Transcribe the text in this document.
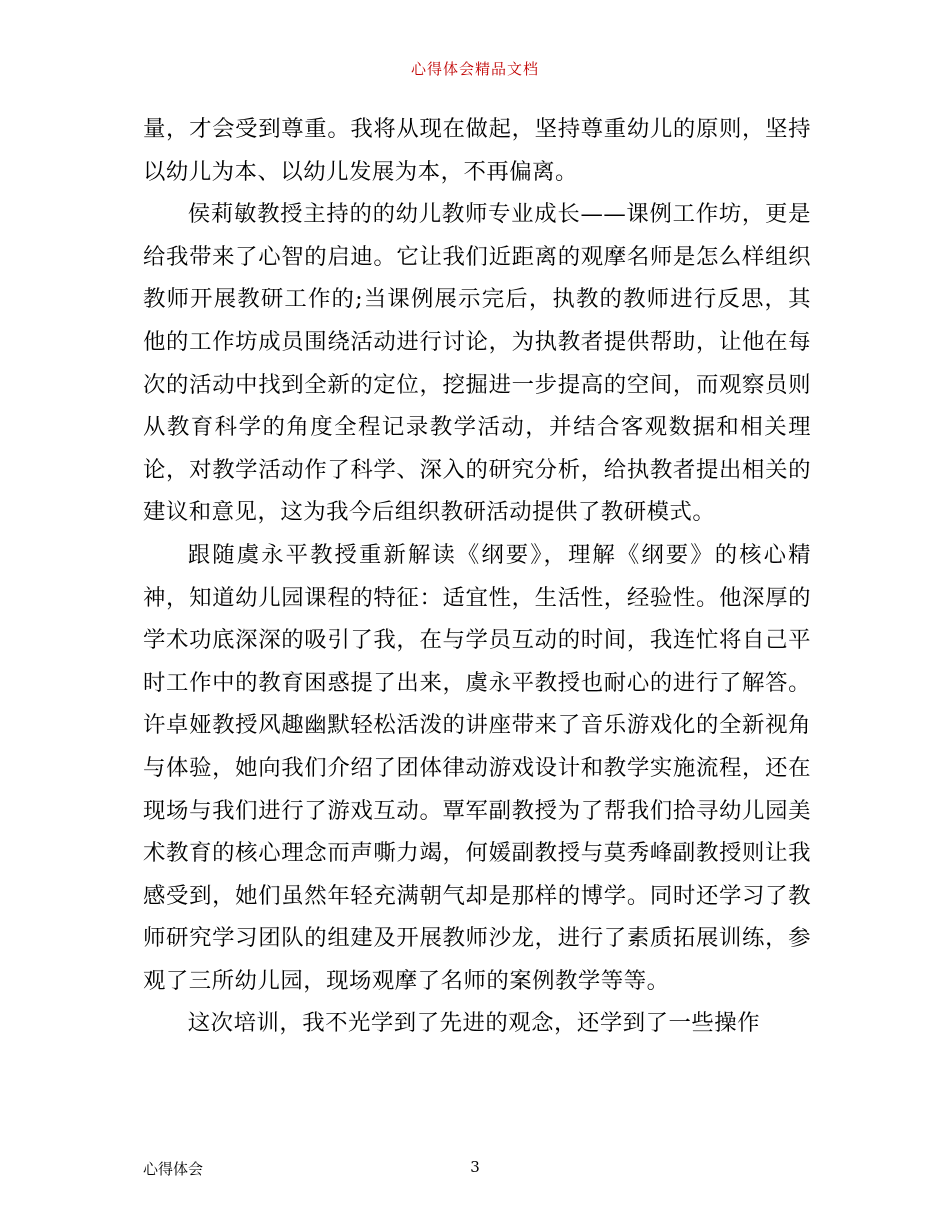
心得体会精品文档

量，才会受到尊重。我将从现在做起，坚持尊重幼儿的原则，坚持以幼儿为本、以幼儿发展为本，不再偏离。

侯莉敏教授主持的的幼儿教师专业成长——课例工作坊，更是给我带来了心智的启迪。它让我们近距离的观摩名师是怎么样组织教师开展教研工作的;当课例展示完后，执教的教师进行反思，其他的工作坊成员围绕活动进行讨论，为执教者提供帮助，让他在每次的活动中找到全新的定位，挖掘进一步提高的空间，而观察员则从教育科学的角度全程记录教学活动，并结合客观数据和相关理论，对教学活动作了科学、深入的研究分析，给执教者提出相关的建议和意见，这为我今后组织教研活动提供了教研模式。

跟随虞永平教授重新解读《纲要》，理解《纲要》的核心精神，知道幼儿园课程的特征：适宜性，生活性，经验性。他深厚的学术功底深深的吸引了我，在与学员互动的时间，我连忙将自己平时工作中的教育困惑提了出来，虞永平教授也耐心的进行了解答。许卓娅教授风趣幽默轻松活泼的讲座带来了音乐游戏化的全新视角与体验，她向我们介绍了团体律动游戏设计和教学实施流程，还在现场与我们进行了游戏互动。覃军副教授为了帮我们拾寻幼儿园美术教育的核心理念而声嘶力竭，何媛副教授与莫秀峰副教授则让我感受到，她们虽然年轻充满朝气却是那样的博学。同时还学习了教师研究学习团队的组建及开展教师沙龙，进行了素质拓展训练，参观了三所幼儿园，现场观摩了名师的案例教学等等。

这次培训，我不光学到了先进的观念，还学到了一些操作

心得体会	3
